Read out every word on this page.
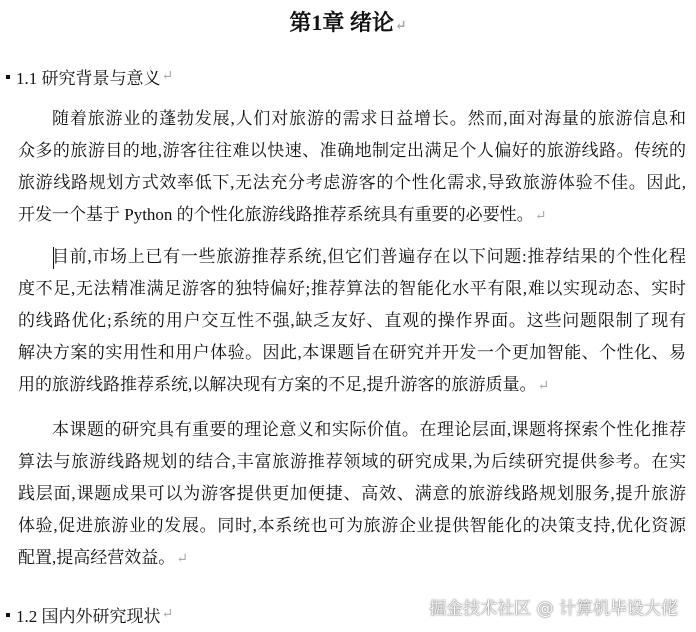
第1章 绪论↵
1.1 研究背景与意义 ↵
随着旅游业的蓬勃发展,人们对旅游的需求日益增长。然而,面对海量的旅游信息和
众多的旅游目的地,游客往往难以快速、准确地制定出满足个人偏好的旅游线路。传统的
旅游线路规划方式效率低下,无法充分考虑游客的个性化需求,导致旅游体验不佳。因此,
开发一个基于 Python 的个性化旅游线路推荐系统具有重要的必要性。↵
目前,市场上已有一些旅游推荐系统,但它们普遍存在以下问题:推荐结果的个性化程
度不足,无法精准满足游客的独特偏好;推荐算法的智能化水平有限,难以实现动态、实时
的线路优化;系统的用户交互性不强,缺乏友好、直观的操作界面。这些问题限制了现有
解决方案的实用性和用户体验。因此,本课题旨在研究并开发一个更加智能、个性化、易
用的旅游线路推荐系统,以解决现有方案的不足,提升游客的旅游质量。↵
本课题的研究具有重要的理论意义和实际价值。在理论层面,课题将探索个性化推荐
算法与旅游线路规划的结合,丰富旅游推荐领域的研究成果,为后续研究提供参考。在实
践层面,课题成果可以为游客提供更加便捷、高效、满意的旅游线路规划服务,提升旅游
体验,促进旅游业的发展。同时,本系统也可为旅游企业提供智能化的决策支持,优化资源
配置,提高经营效益。↵
1.2 国内外研究现状 ↵	掘金技术社区 @ 计算机毕设大佬
